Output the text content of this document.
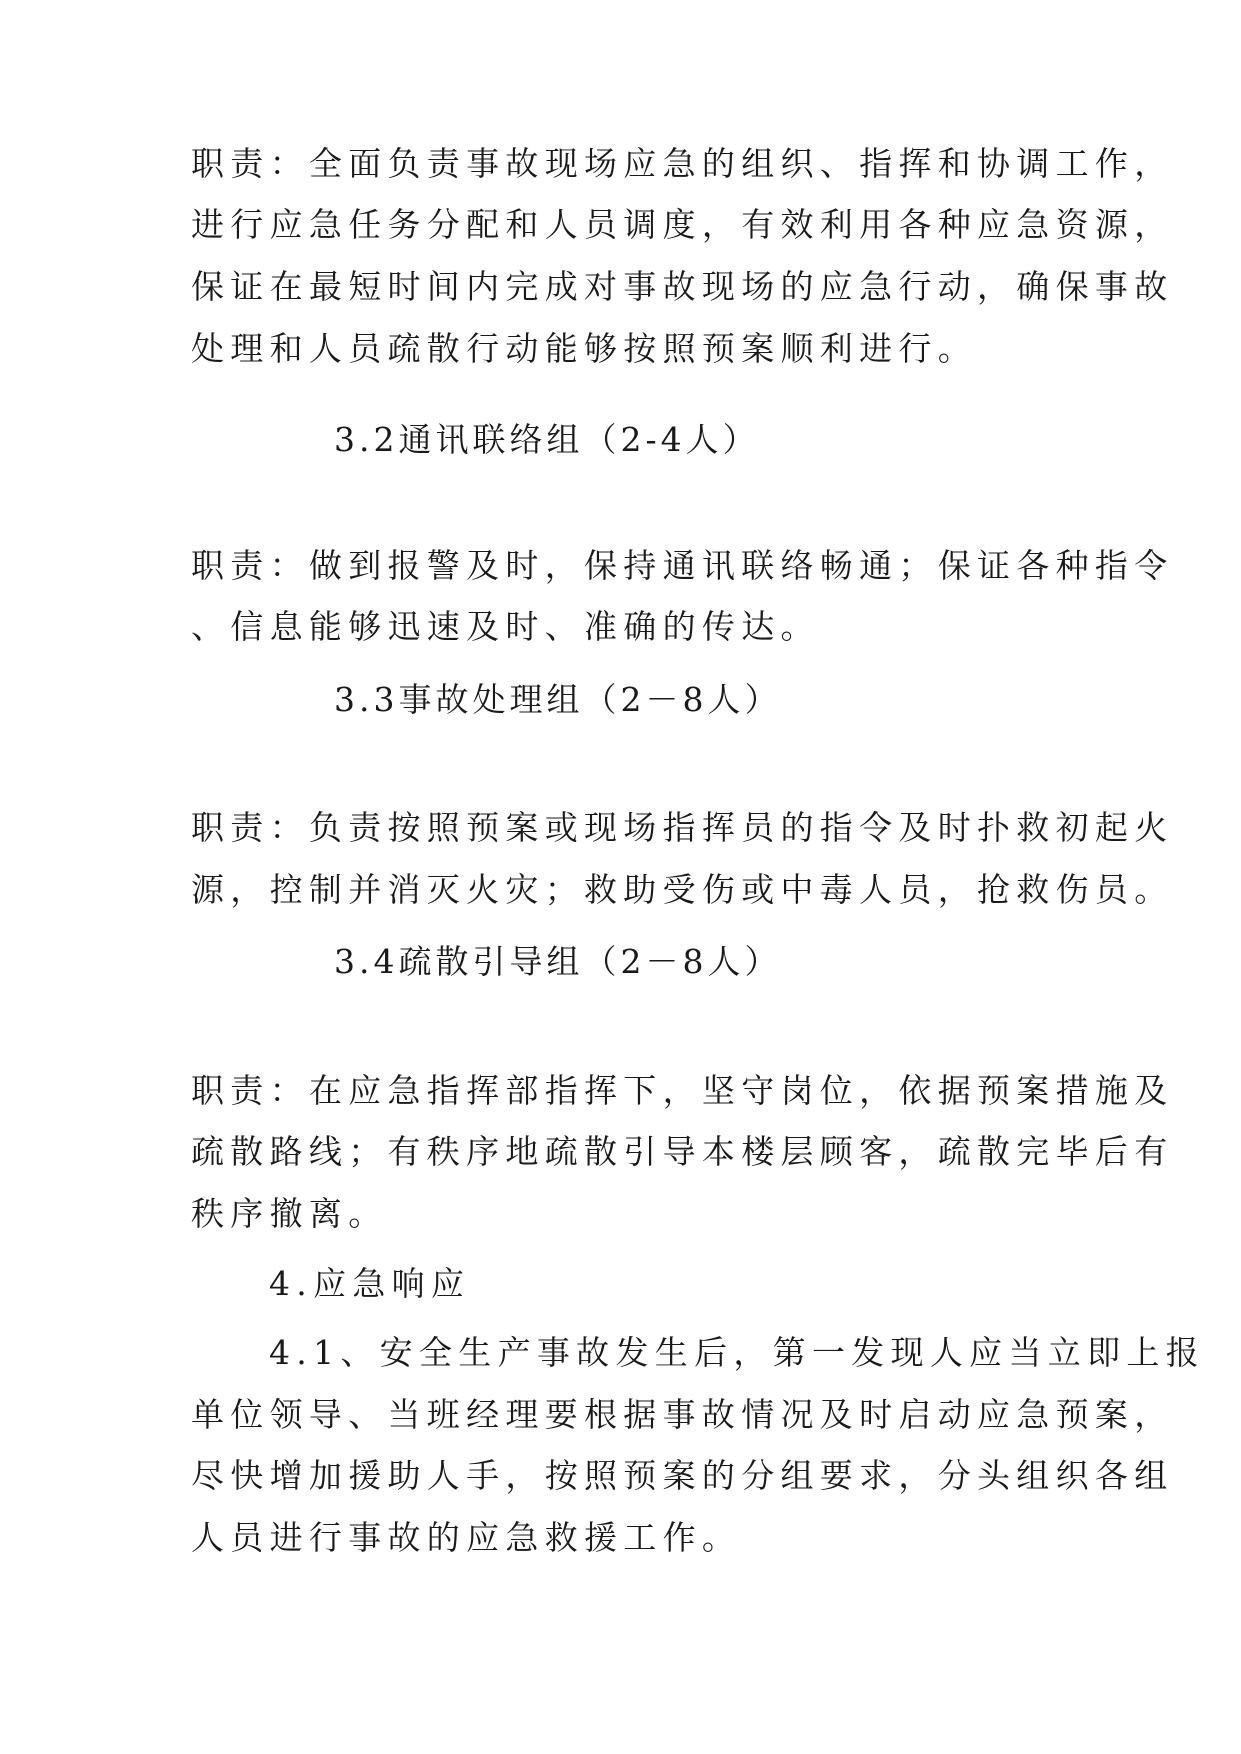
职责：全面负责事故现场应急的组织、指挥和协调工作，
进行应急任务分配和人员调度，有效利用各种应急资源，
保证在最短时间内完成对事故现场的应急行动，确保事故
处理和人员疏散行动能够按照预案顺利进行。
3.2通讯联络组（2-4人）
职责：做到报警及时，保持通讯联络畅通；保证各种指令
、信息能够迅速及时、准确的传达。
3.3事故处理组（2－8人）
职责：负责按照预案或现场指挥员的指令及时扑救初起火
源，控制并消灭火灾；救助受伤或中毒人员，抢救伤员。
3.4疏散引导组（2－8人）
职责：在应急指挥部指挥下，坚守岗位，依据预案措施及
疏散路线；有秩序地疏散引导本楼层顾客，疏散完毕后有
秩序撤离。
4.应急响应
4.1、安全生产事故发生后，第一发现人应当立即上报
单位领导、当班经理要根据事故情况及时启动应急预案，
尽快增加援助人手，按照预案的分组要求，分头组织各组
人员进行事故的应急救援工作。
